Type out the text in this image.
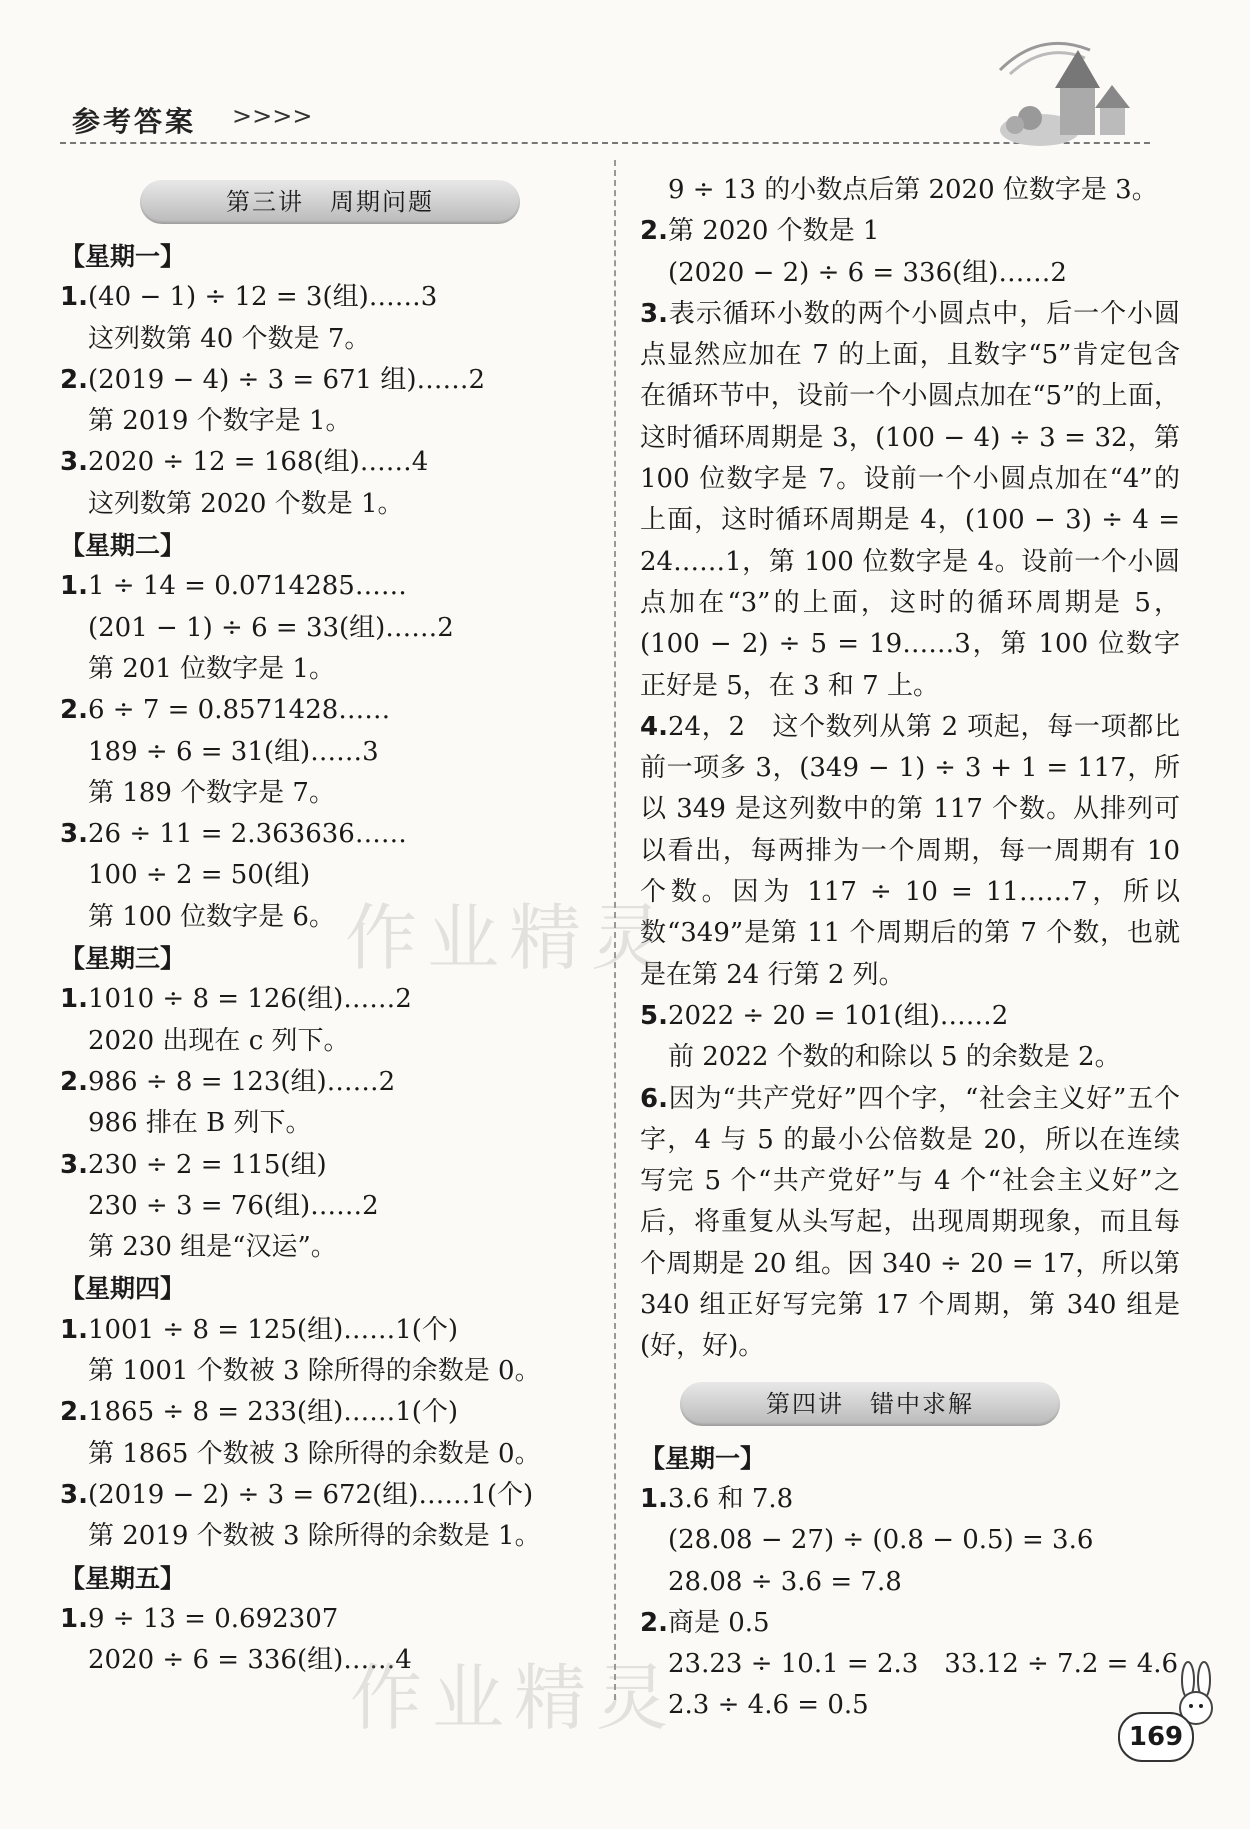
参考答案 >>>>
第三讲　周期问题

【星期一】

1.(40 − 1) ÷ 12 = 3(组)……3

这列数第 40 个数是 7。

2.(2019 − 4) ÷ 3 = 671 组)……2

第 2019 个数字是 1。

3.2020 ÷ 12 = 168(组)……4

这列数第 2020 个数是 1。

【星期二】

1.1 ÷ 14 = 0.0714285……

(201 − 1) ÷ 6 = 33(组)……2

第 201 位数字是 1。

2.6 ÷ 7 = 0.8571428……

189 ÷ 6 = 31(组)……3

第 189 个数字是 7。

3.26 ÷ 11 = 2.363636……

100 ÷ 2 = 50(组)

第 100 位数字是 6。

【星期三】

1.1010 ÷ 8 = 126(组)……2

2020 出现在 c 列下。

2.986 ÷ 8 = 123(组)……2

986 排在 B 列下。

3.230 ÷ 2 = 115(组)

230 ÷ 3 = 76(组)……2

第 230 组是“汉运”。

【星期四】

1.1001 ÷ 8 = 125(组)……1(个)

第 1001 个数被 3 除所得的余数是 0。

2.1865 ÷ 8 = 233(组)……1(个)

第 1865 个数被 3 除所得的余数是 0。

3.(2019 − 2) ÷ 3 = 672(组)……1(个)

第 2019 个数被 3 除所得的余数是 1。

【星期五】

1.9 ÷ 13 = 0.692307

2020 ÷ 6 = 336(组)……4

9 ÷ 13 的小数点后第 2020 位数字是 3。

2.第 2020 个数是 1

(2020 − 2) ÷ 6 = 336(组)……2

3.表示循环小数的两个小圆点中，后一个小圆点显然应加在 7 的上面，且数字“5”肯定包含在循环节中，设前一个小圆点加在“5”的上面，这时循环周期是 3，(100 − 4) ÷ 3 = 32，第 100 位数字是 7。设前一个小圆点加在“4”的上面，这时循环周期是 4，(100 − 3) ÷ 4 = 24……1，第 100 位数字是 4。设前一个小圆点加在“3”的上面，这时的循环周期是 5，(100 − 2) ÷ 5 = 19……3，第 100 位数字正好是 5，在 3 和 7 上。

4.24，2　这个数列从第 2 项起，每一项都比前一项多 3，(349 − 1) ÷ 3 + 1 = 117，所以 349 是这列数中的第 117 个数。从排列可以看出，每两排为一个周期，每一周期有 10 个数。因为 117 ÷ 10 = 11……7，所以数“349”是第 11 个周期后的第 7 个数，也就是在第 24 行第 2 列。

5.2022 ÷ 20 = 101(组)……2

前 2022 个数的和除以 5 的余数是 2。

6.因为“共产党好”四个字，“社会主义好”五个字，4 与 5 的最小公倍数是 20，所以在连续写完 5 个“共产党好”与 4 个“社会主义好”之后，将重复从头写起，出现周期现象，而且每个周期是 20 组。因 340 ÷ 20 = 17，所以第 340 组正好写完第 17 个周期，第 340 组是(好，好)。

第四讲　错中求解

【星期一】

1.3.6 和 7.8

(28.08 − 27) ÷ (0.8 − 0.5) = 3.6

28.08 ÷ 3.6 = 7.8

2.商是 0.5

23.23 ÷ 10.1 = 2.3　33.12 ÷ 7.2 = 4.6

2.3 ÷ 4.6 = 0.5

作业精灵
作业精灵	169
